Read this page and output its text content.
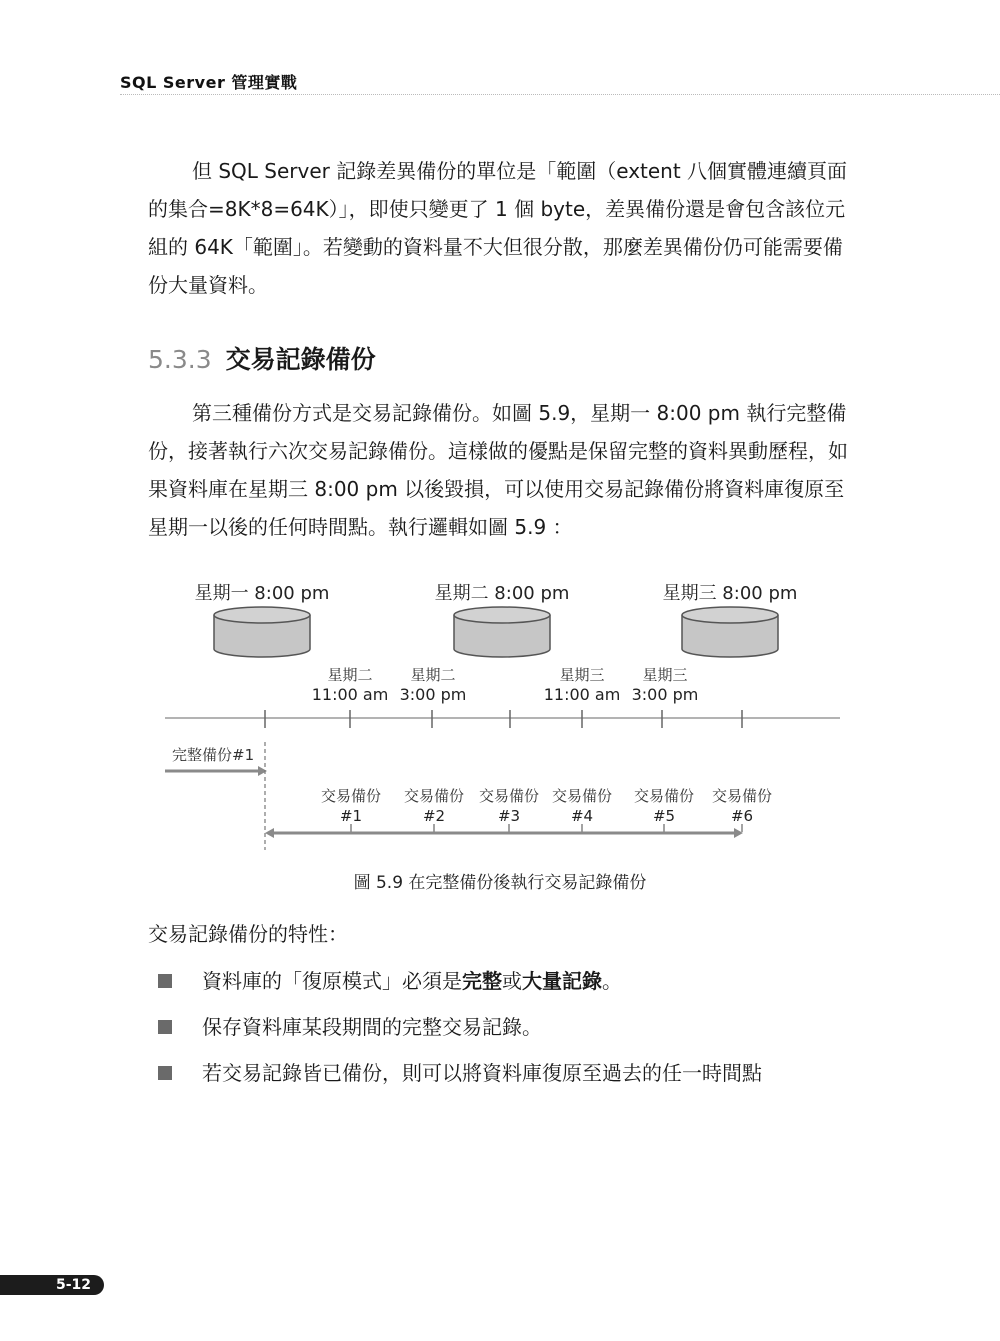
SQL Server 管理實戰

但 SQL Server 記錄差異備份的單位是「範圍（extent 八個實體連續頁面的集合=8K*8=64K）」，即使只變更了 1 個 byte，差異備份還是會包含該位元組的 64K「範圍」。若變動的資料量不大但很分散，那麼差異備份仍可能需要備份大量資料。

5.3.3 交易記錄備份

第三種備份方式是交易記錄備份。如圖 5.9，星期一 8:00 pm 執行完整備份，接著執行六次交易記錄備份。這樣做的優點是保留完整的資料異動歷程，如果資料庫在星期三 8:00 pm 以後毀損，可以使用交易記錄備份將資料庫復原至星期一以後的任何時間點。執行邏輯如圖 5.9 ：

星期一 8:00 pm	星期二 8:00 pm	星期三 8:00 pm
星期二
11:00 am
星期二
3:00 pm
星期三
11:00 am
星期三
3:00 pm
完整備份#1
交易備份
#1
交易備份
#2
交易備份
#3
交易備份
#4
交易備份
#5
交易備份
#6
圖 5.9 在完整備份後執行交易記錄備份
交易記錄備份的特性：
資料庫的「復原模式」必須是完整或大量記錄。
保存資料庫某段期間的完整交易記錄。
若交易記錄皆已備份，則可以將資料庫復原至過去的任一時間點
5-12
